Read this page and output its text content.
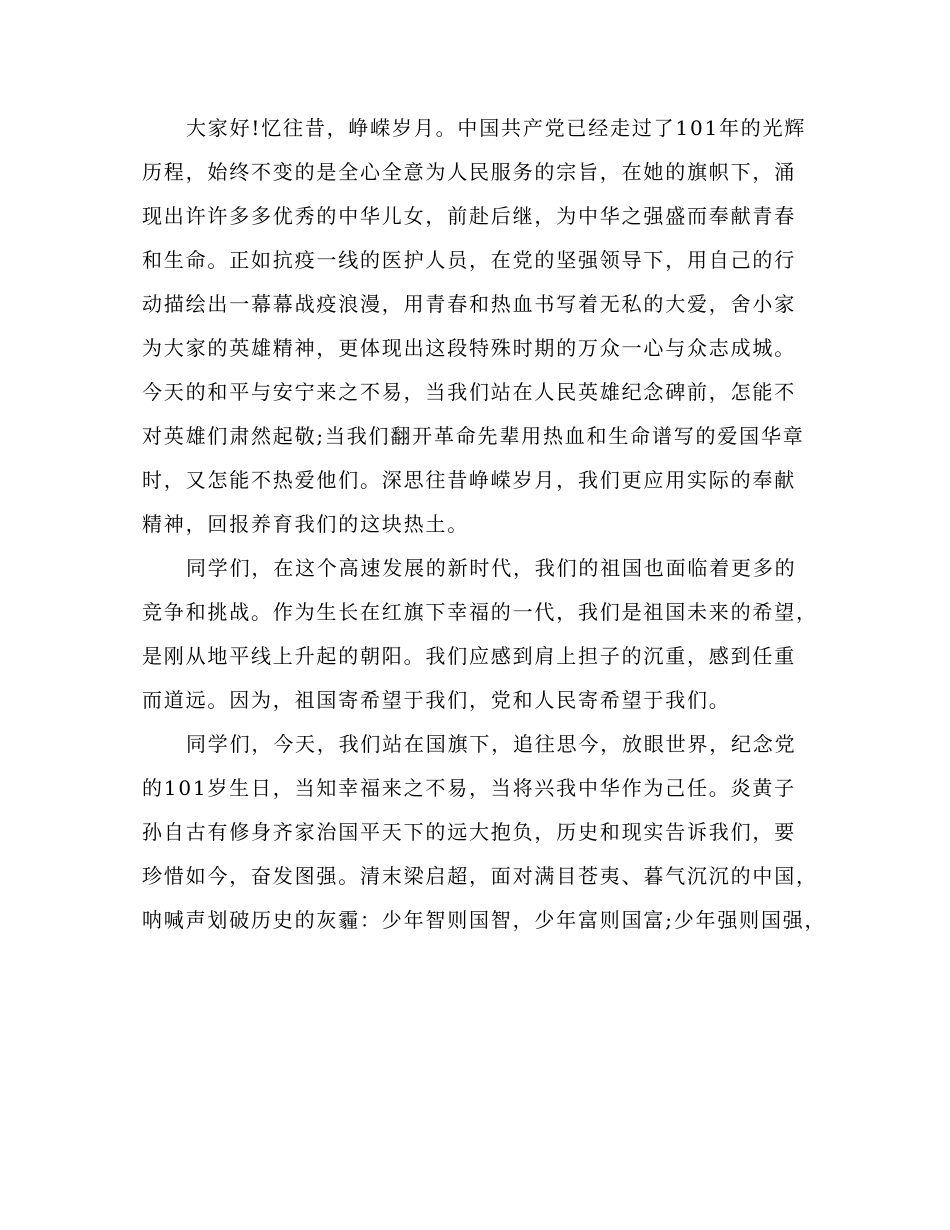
大家好!忆往昔，峥嵘岁月。中国共产党已经走过了101年的光辉
历程，始终不变的是全心全意为人民服务的宗旨，在她的旗帜下，涌
现出许许多多优秀的中华儿女，前赴后继，为中华之强盛而奉献青春
和生命。正如抗疫一线的医护人员，在党的坚强领导下，用自己的行
动描绘出一幕幕战疫浪漫，用青春和热血书写着无私的大爱，舍小家
为大家的英雄精神，更体现出这段特殊时期的万众一心与众志成城。
今天的和平与安宁来之不易，当我们站在人民英雄纪念碑前，怎能不
对英雄们肃然起敬;当我们翻开革命先辈用热血和生命谱写的爱国华章
时，又怎能不热爱他们。深思往昔峥嵘岁月，我们更应用实际的奉献
精神，回报养育我们的这块热土。
同学们，在这个高速发展的新时代，我们的祖国也面临着更多的
竞争和挑战。作为生长在红旗下幸福的一代，我们是祖国未来的希望，
是刚从地平线上升起的朝阳。我们应感到肩上担子的沉重，感到任重
而道远。因为，祖国寄希望于我们，党和人民寄希望于我们。
同学们，今天，我们站在国旗下，追往思今，放眼世界，纪念党
的101岁生日，当知幸福来之不易，当将兴我中华作为己任。炎黄子
孙自古有修身齐家治国平天下的远大抱负，历史和现实告诉我们，要
珍惜如今，奋发图强。清末梁启超，面对满目苍夷、暮气沉沉的中国，
呐喊声划破历史的灰霾：少年智则国智，少年富则国富;少年强则国强，
